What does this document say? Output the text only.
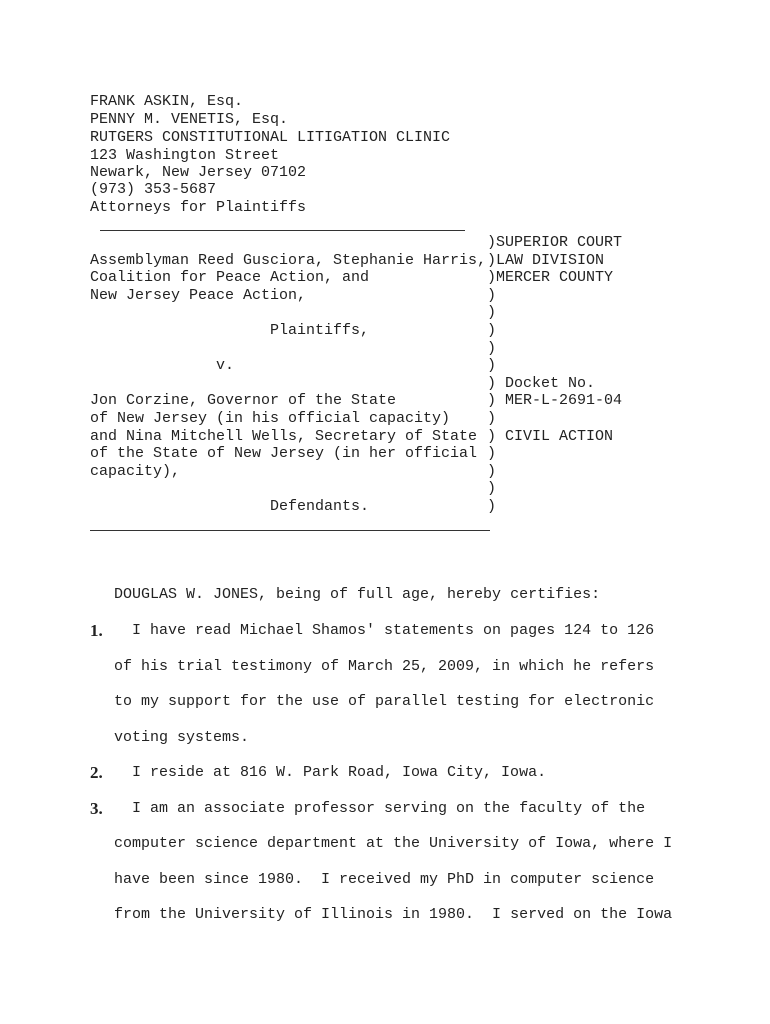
FRANK ASKIN, Esq.
PENNY M. VENETIS, Esq.
RUTGERS CONSTITUTIONAL LITIGATION CLINIC
123 Washington Street
Newark, New Jersey 07102
(973) 353-5687
Attorneys for Plaintiffs
)SUPERIOR COURT
Assemblyman Reed Gusciora, Stephanie Harris, )LAW DIVISION
Coalition for Peace Action, and	)MERCER COUNTY
New Jersey Peace Action,	)
)
Plaintiffs,	)
)
v.	)
) Docket No.
Jon Corzine, Governor of the State	) MER-L-2691-04
of New Jersey (in his official capacity) )
and Nina Mitchell Wells, Secretary of State ) CIVIL ACTION
of the State of New Jersey (in her official )
capacity),	)
)
Defendants.	)
DOUGLAS W. JONES, being of full age, hereby certifies:
1. I have read Michael Shamos' statements on pages 124 to 126
of his trial testimony of March 25, 2009, in which he refers
to my support for the use of parallel testing for electronic
voting systems.
2. I reside at 816 W. Park Road, Iowa City, Iowa.
3. I am an associate professor serving on the faculty of the
computer science department at the University of Iowa, where I
have been since 1980.  I received my PhD in computer science
from the University of Illinois in 1980.  I served on the Iowa
